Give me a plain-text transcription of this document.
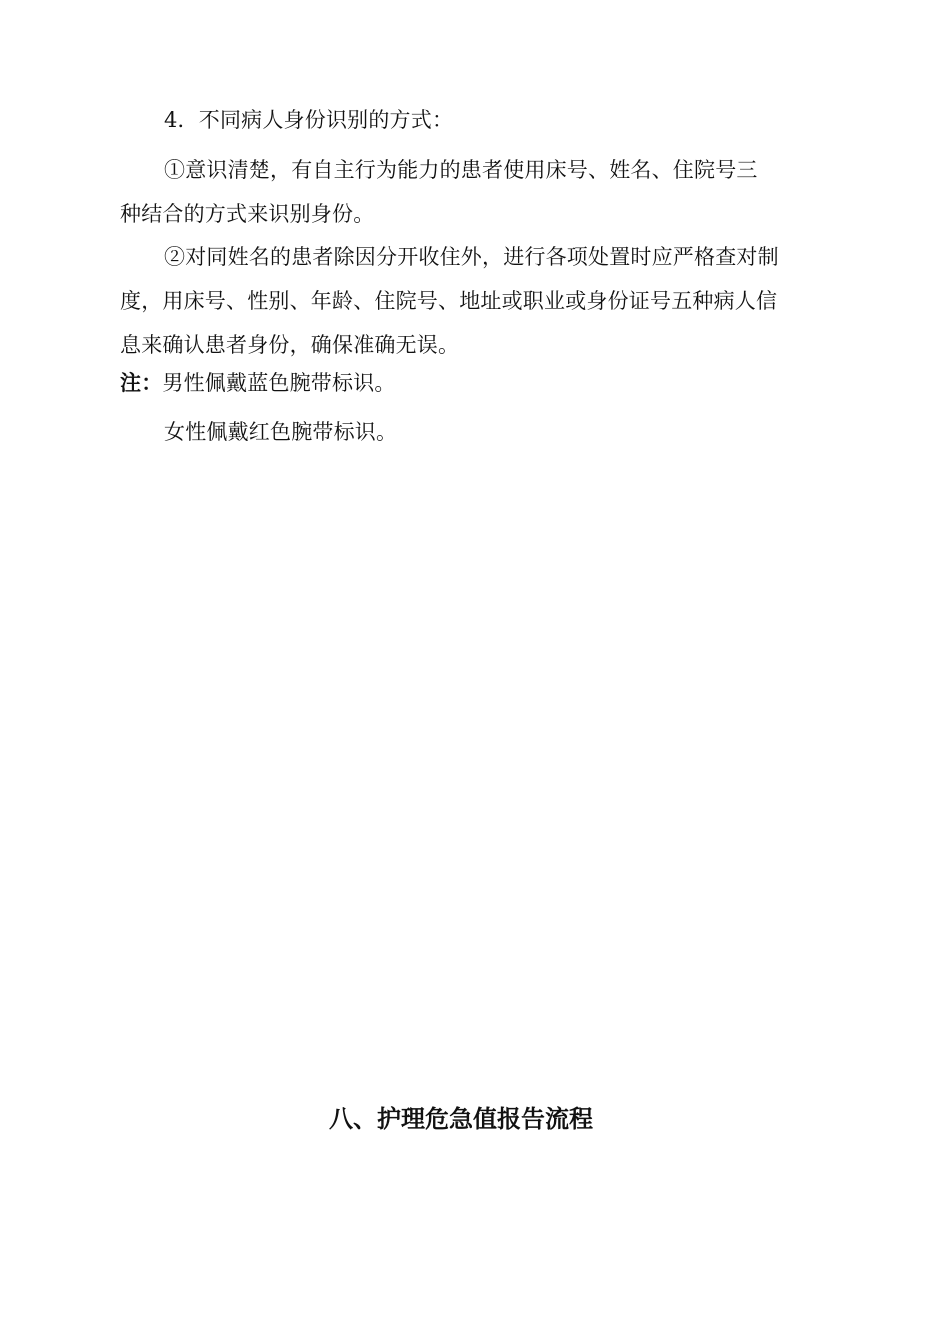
4．不同病人身份识别的方式：
①意识清楚，有自主行为能力的患者使用床号、姓名、住院号三
种结合的方式来识别身份。
②对同姓名的患者除因分开收住外，进行各项处置时应严格查对制
度，用床号、性别、年龄、住院号、地址或职业或身份证号五种病人信
息来确认患者身份，确保准确无误。
注：男性佩戴蓝色腕带标识。
女性佩戴红色腕带标识。
八、护理危急值报告流程
